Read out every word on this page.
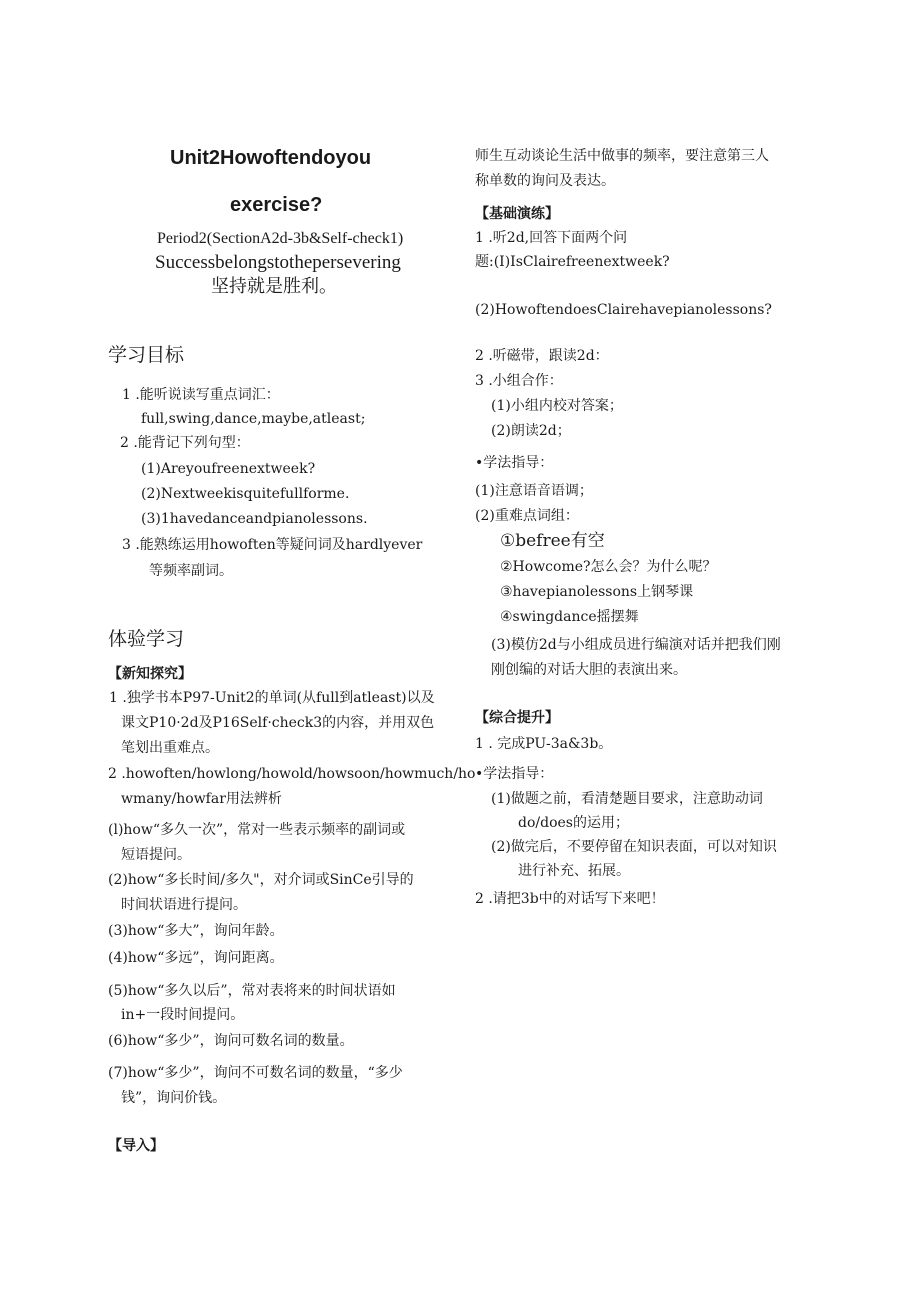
Unit2Howoftendoyou
exercise?
Period2(SectionA2d-3b&Self-check1)
Successbelongstothepersevering
坚持就是胜利。
学习目标
1 .能听说读写重点词汇：
full,swing,dance,maybe,atleast;
2 .能背记下列句型：
(1)Areyoufreenextweek?
(2)Nextweekisquitefullforme.
(3)1havedanceandpianolessons.
3 .能熟练运用howoften等疑问词及hardlyever
等频率副词。
体验学习
【新知探究】
1 .独学书本P97-Unit2的单词(从full到atleast)以及
课文P10·2d及P16Self·check3的内容，并用双色
笔划出重难点。
2 .howoften/howlong/howold/howsoon/howmuch/ho
wmany/howfar用法辨析
(l)how“多久一次”，常对一些表示频率的副词或
短语提问。
(2)how“多长时间/多久"，对介词或SinCe引导的
时间状语进行提问。
(3)how“多大”，询问年龄。
(4)how“多远”，询问距离。
(5)how“多久以后”，常对表将来的时间状语如
in+一段时间提问。
(6)how“多少”，询问可数名词的数量。
(7)how“多少”，询问不可数名词的数量，“多少
钱”，询问价钱。
【导入】
师生互动谈论生活中做事的频率，要注意第三人
称单数的询问及表达。
【基础演练】
1 .听2d,回答下面两个问
题:(I)IsClairefreenextweek?
(2)HowoftendoesClairehavepianolessons?
2 .听磁带，跟读2d：
3 .小组合作：
(1)小组内校对答案；
(2)朗读2d；
•学法指导：
(1)注意语音语调；
(2)重难点词组：
①befree有空
②Howcome?怎么会？为什么呢？
③havepianolessons上钢琴课
④swingdance摇摆舞
(3)模仿2d与小组成员进行编演对话并把我们刚
刚创编的对话大胆的表演出来。
【综合提升】
1 . 完成PU-3a&3b。
•学法指导：
(1)做题之前，看清楚题目要求，注意助动词
do/does的运用；
(2)做完后，不要停留在知识表面，可以对知识
进行补充、拓展。
2 .请把3b中的对话写下来吧！
